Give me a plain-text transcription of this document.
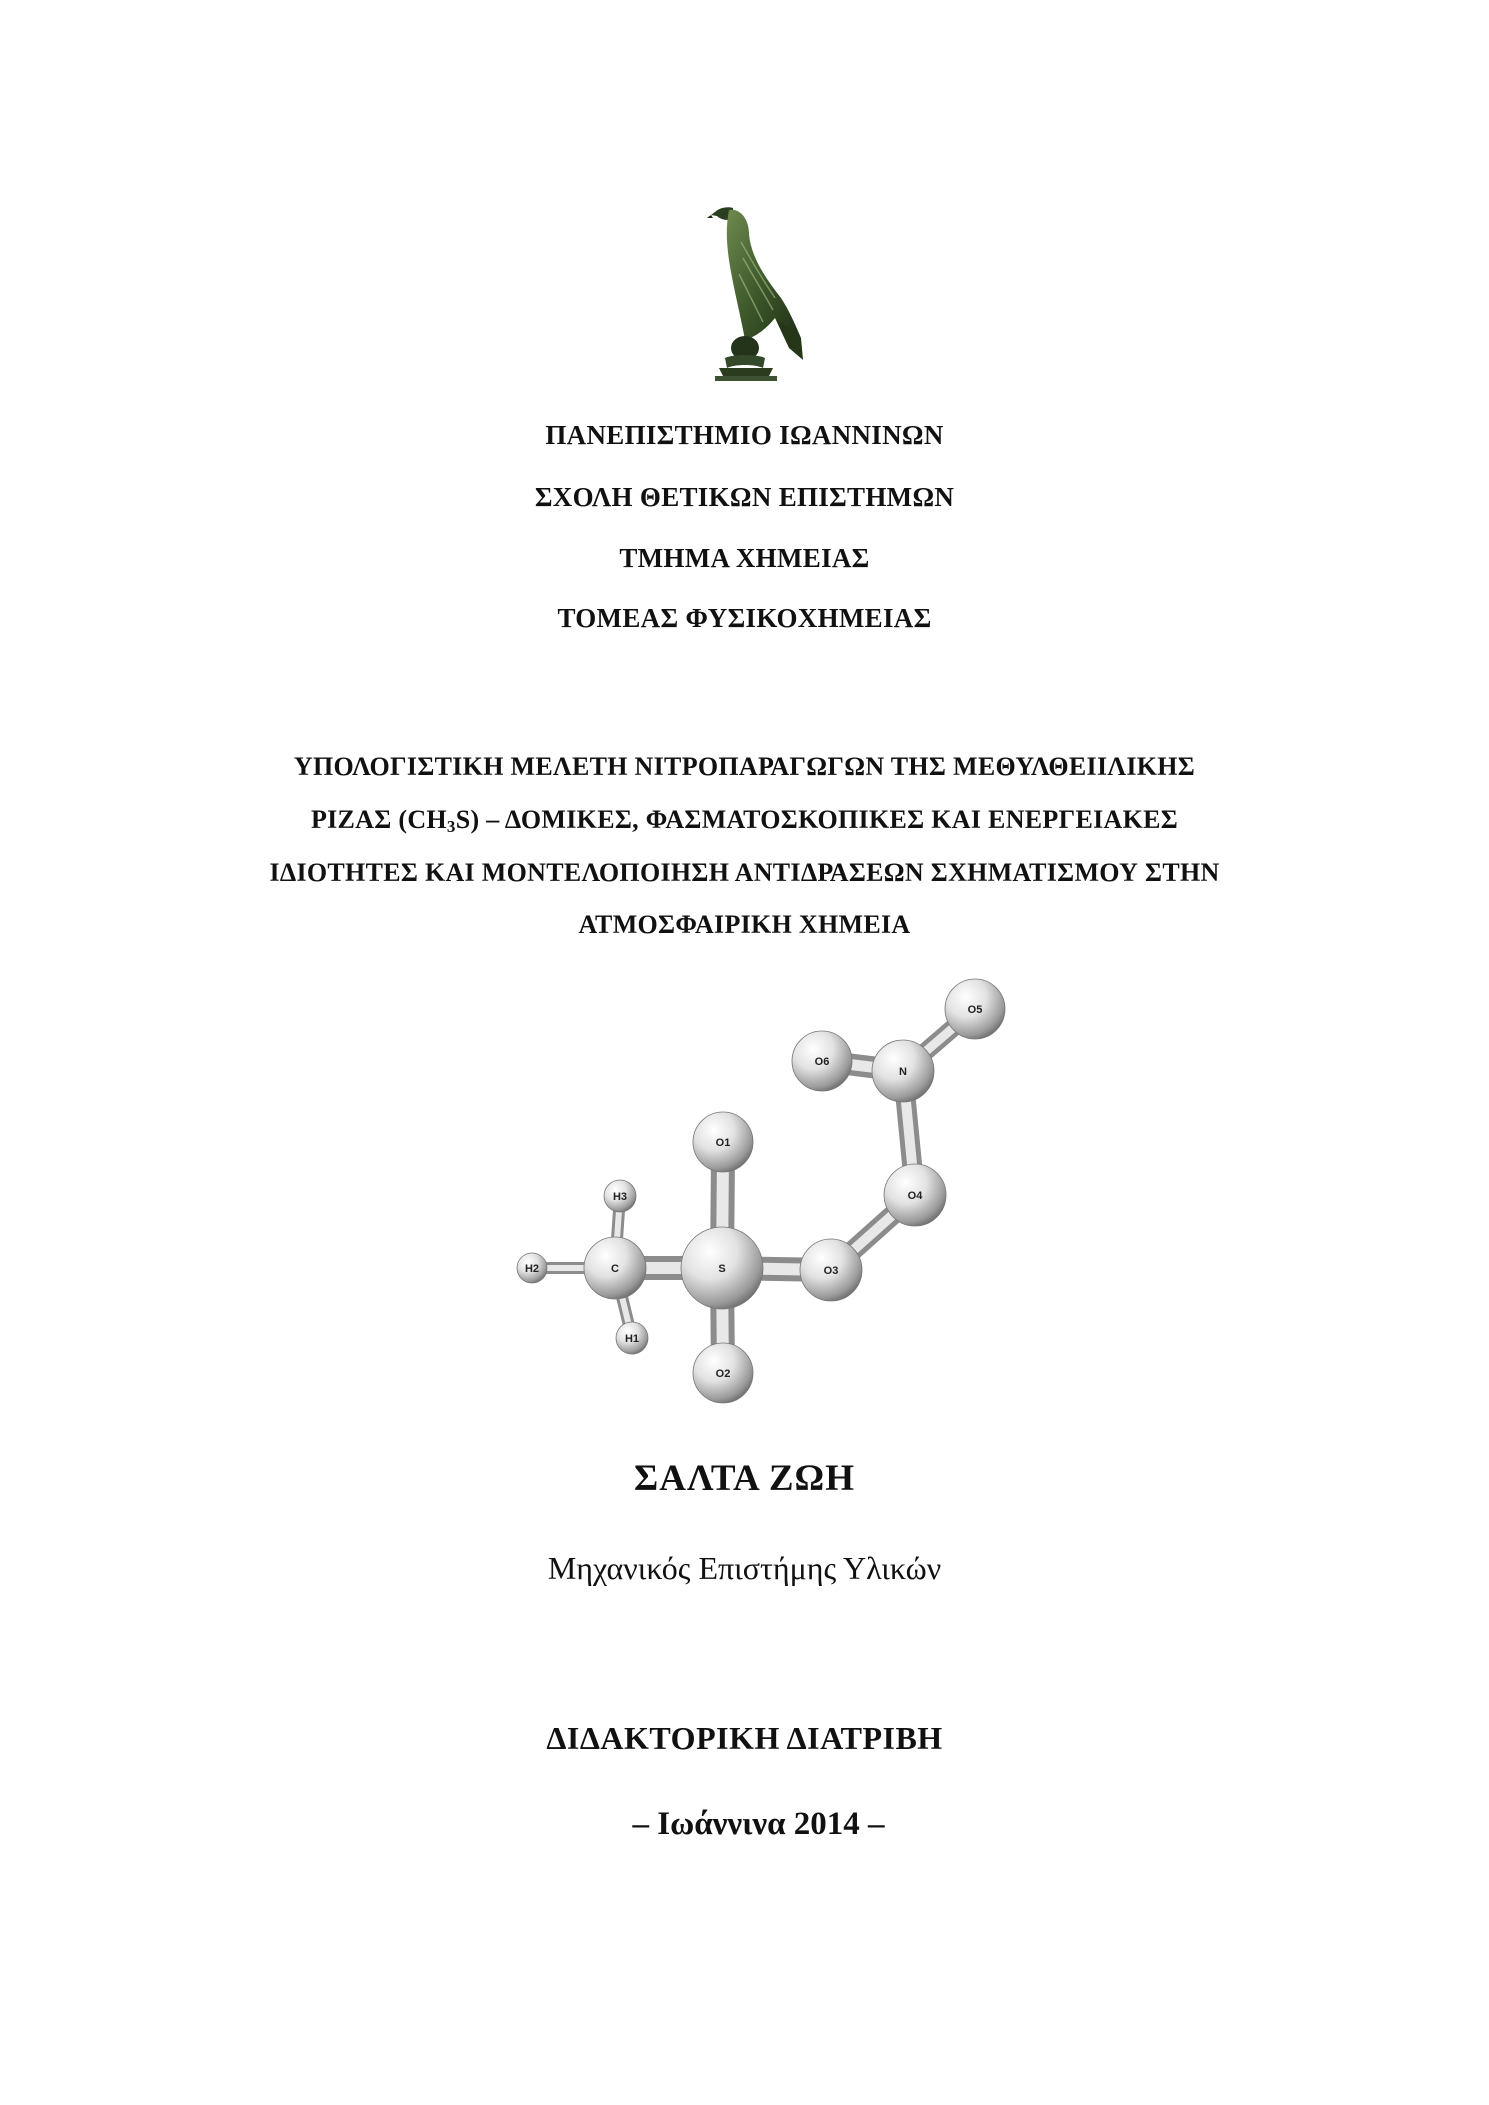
ΠΑΝΕΠΙΣΤΗΜΙΟ ΙΩΑΝΝΙΝΩΝ
ΣΧΟΛΗ ΘΕΤΙΚΩΝ ΕΠΙΣΤΗΜΩΝ
ΤΜΗΜΑ ΧΗΜΕΙΑΣ
ΤΟΜΕΑΣ ΦΥΣΙΚΟΧΗΜΕΙΑΣ
ΥΠΟΛΟΓΙΣΤΙΚΗ ΜΕΛΕΤΗ ΝΙΤΡΟΠΑΡΑΓΩΓΩΝ ΤΗΣ ΜΕΘΥΛΘΕΙΙΛΙΚΗΣ
ΡΙΖΑΣ $(CH_3S)$ – ΔΟΜΙΚΕΣ, ΦΑΣΜΑΤΟΣΚΟΠΙΚΕΣ ΚΑΙ ΕΝΕΡΓΕΙΑΚΕΣ
ΙΔΙΟΤΗΤΕΣ ΚΑΙ ΜΟΝΤΕΛΟΠΟΙΗΣΗ ΑΝΤΙΔΡΑΣΕΩΝ ΣΧΗΜΑΤΙΣΜΟΥ ΣΤΗΝ
ΑΤΜΟΣΦΑΙΡΙΚΗ ΧΗΜΕΙΑ
O5
O6
N
O1
O4
H3
H2	C	S	O3
H1
O2
ΣΑΛΤΑ ΖΩΗ
Μηχανικός Επιστήμης Υλικών
ΔΙΔΑΚΤΟΡΙΚΗ ΔΙΑΤΡΙΒΗ
– Ιωάννινα 2014 –
